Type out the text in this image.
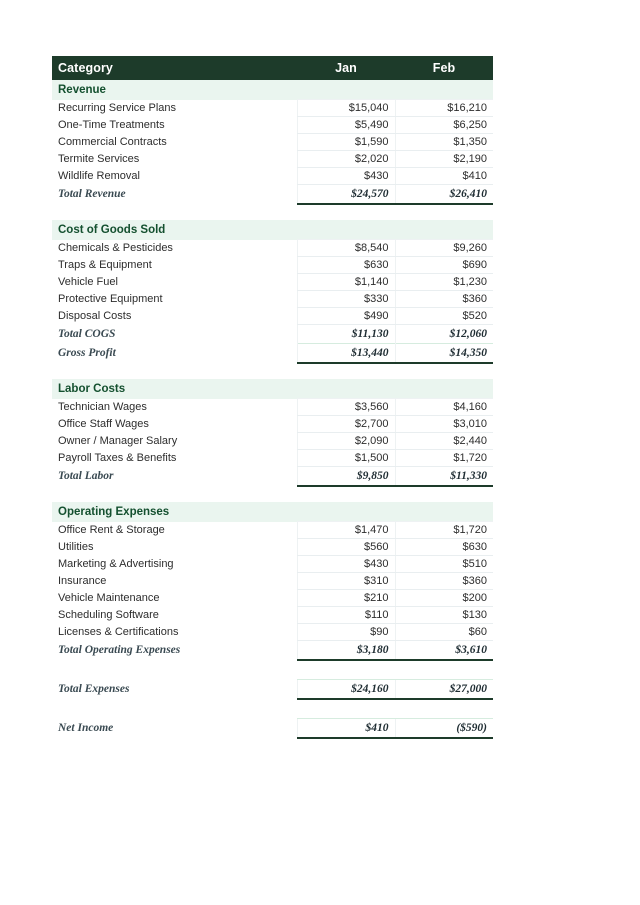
Category	Jan	Feb
Revenue		
Recurring Service Plans	$15,040	$16,210
One-Time Treatments	$5,490	$6,250
Commercial Contracts	$1,590	$1,350
Termite Services	$2,020	$2,190
Wildlife Removal	$430	$410
Total Revenue	$24,570	$26,410

Cost of Goods Sold		
Chemicals & Pesticides	$8,540	$9,260
Traps & Equipment	$630	$690
Vehicle Fuel	$1,140	$1,230
Protective Equipment	$330	$360
Disposal Costs	$490	$520
Total COGS	$11,130	$12,060
Gross Profit	$13,440	$14,350

Labor Costs		
Technician Wages	$3,560	$4,160
Office Staff Wages	$2,700	$3,010
Owner / Manager Salary	$2,090	$2,440
Payroll Taxes & Benefits	$1,500	$1,720
Total Labor	$9,850	$11,330

Operating Expenses		
Office Rent & Storage	$1,470	$1,720
Utilities	$560	$630
Marketing & Advertising	$430	$510
Insurance	$310	$360
Vehicle Maintenance	$210	$200
Scheduling Software	$110	$130
Licenses & Certifications	$90	$60
Total Operating Expenses	$3,180	$3,610

Total Expenses	$24,160	$27,000

Net Income	$410	($590)
